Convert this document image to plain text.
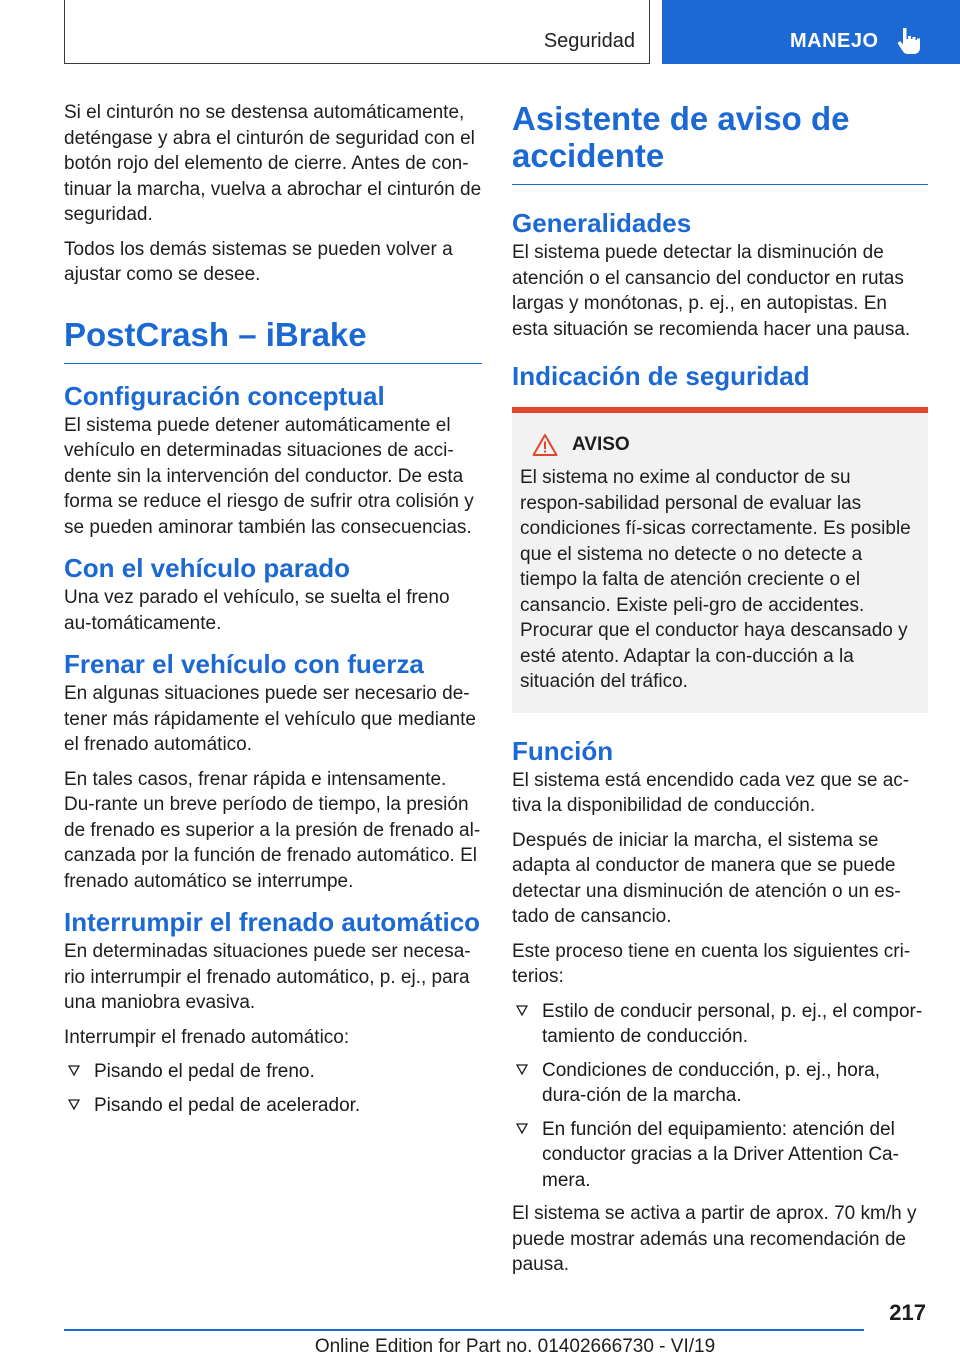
Seguridad	MANEJO

Si el cinturón no se destensa automáticamente, deténgase y abra el cinturón de seguridad con el botón rojo del elemento de cierre. Antes de con-tinuar la marcha, vuelva a abrochar el cinturón de seguridad.

Todos los demás sistemas se pueden volver a ajustar como se desee.

PostCrash – iBrake
Configuración conceptual

El sistema puede detener automáticamente el vehículo en determinadas situaciones de acci-dente sin la intervención del conductor. De esta forma se reduce el riesgo de sufrir otra colisión y se pueden aminorar también las consecuencias.

Con el vehículo parado

Una vez parado el vehículo, se suelta el freno au-tomáticamente.

Frenar el vehículo con fuerza

En algunas situaciones puede ser necesario de-tener más rápidamente el vehículo que mediante el frenado automático.

En tales casos, frenar rápida e intensamente. Du-rante un breve período de tiempo, la presión de frenado es superior a la presión de frenado al-canzada por la función de frenado automático. El frenado automático se interrumpe.

Interrumpir el frenado automático

En determinadas situaciones puede ser necesa-rio interrumpir el frenado automático, p. ej., para una maniobra evasiva.

Interrumpir el frenado automático:

Pisando el pedal de freno.
Pisando el pedal de acelerador.
Asistente de aviso de accidente
Generalidades

El sistema puede detectar la disminución de atención o el cansancio del conductor en rutas largas y monótonas, p. ej., en autopistas. En esta situación se recomienda hacer una pausa.

Indicación de seguridad
AVISO

El sistema no exime al conductor de su respon-sabilidad personal de evaluar las condiciones fí-sicas correctamente. Es posible que el sistema no detecte o no detecte a tiempo la falta de atención creciente o el cansancio. Existe peli-gro de accidentes. Procurar que el conductor haya descansado y esté atento. Adaptar la con-ducción a la situación del tráfico.

Función

El sistema está encendido cada vez que se ac-tiva la disponibilidad de conducción.

Después de iniciar la marcha, el sistema se adapta al conductor de manera que se puede detectar una disminución de atención o un es-tado de cansancio.

Este proceso tiene en cuenta los siguientes cri-terios:

Estilo de conducir personal, p. ej., el compor-tamiento de conducción.
Condiciones de conducción, p. ej., hora, dura-ción de la marcha.
En función del equipamiento: atención del conductor gracias a la Driver Attention Ca-mera.

El sistema se activa a partir de aprox. 70 km/h y puede mostrar además una recomendación de pausa.

217
Online Edition for Part no. 01402666730 - VI/19
